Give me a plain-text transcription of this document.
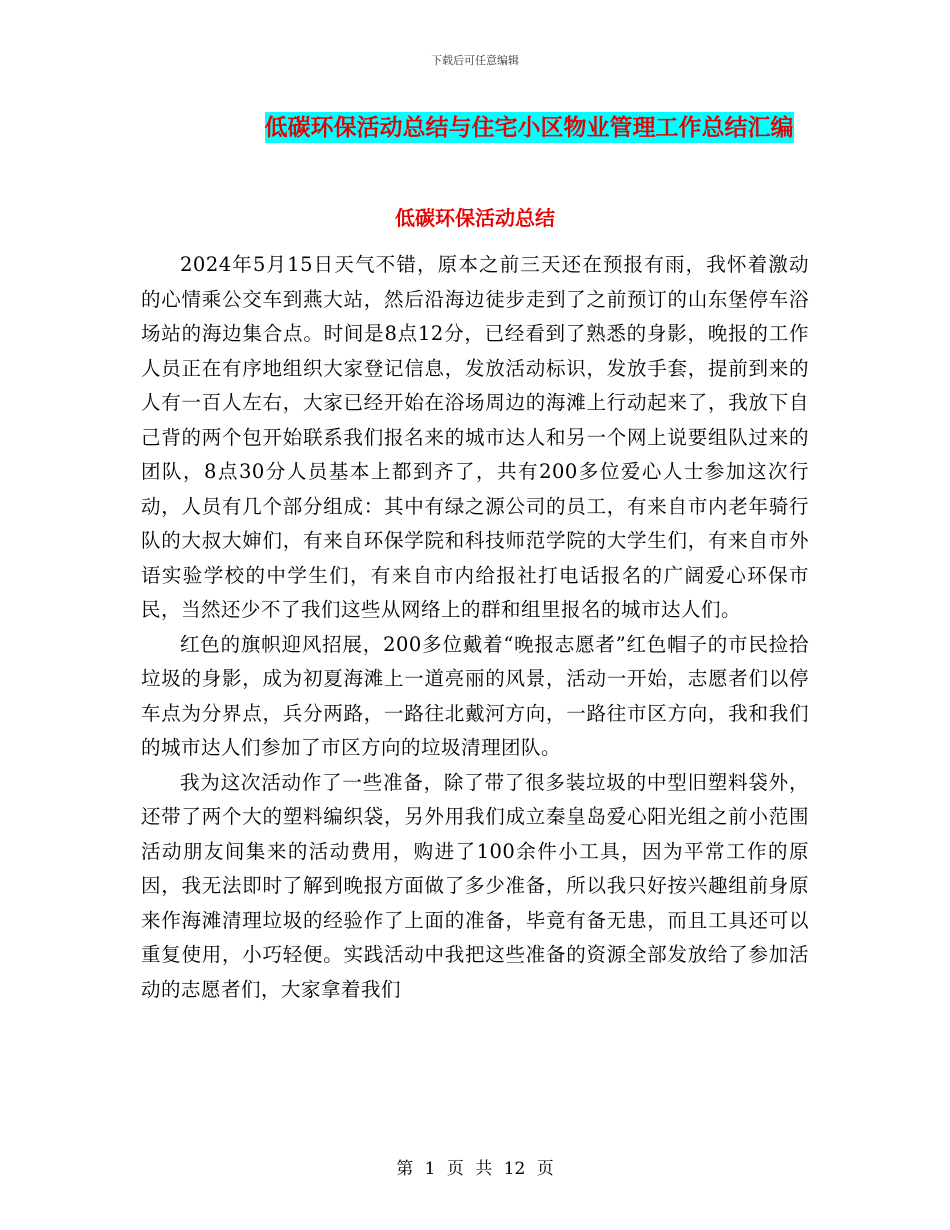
下载后可任意编辑
低碳环保活动总结与住宅小区物业管理工作总结汇编
低碳环保活动总结

2024年5月15日天气不错，原本之前三天还在预报有雨，我怀着激动的心情乘公交车到燕大站，然后沿海边徒步走到了之前预订的山东堡停车浴场站的海边集合点。时间是8点12分，已经看到了熟悉的身影，晚报的工作人员正在有序地组织大家登记信息，发放活动标识，发放手套，提前到来的人有一百人左右，大家已经开始在浴场周边的海滩上行动起来了，我放下自己背的两个包开始联系我们报名来的城市达人和另一个网上说要组队过来的团队，8点30分人员基本上都到齐了，共有200多位爱心人士参加这次行动，人员有几个部分组成：其中有绿之源公司的员工，有来自市内老年骑行队的大叔大婶们，有来自环保学院和科技师范学院的大学生们，有来自市外语实验学校的中学生们，有来自市内给报社打电话报名的广阔爱心环保市民，当然还少不了我们这些从网络上的群和组里报名的城市达人们。

红色的旗帜迎风招展，200多位戴着“晚报志愿者”红色帽子的市民捡拾垃圾的身影，成为初夏海滩上一道亮丽的风景，活动一开始，志愿者们以停车点为分界点，兵分两路，一路往北戴河方向，一路往市区方向，我和我们的城市达人们参加了市区方向的垃圾清理团队。

我为这次活动作了一些准备，除了带了很多装垃圾的中型旧塑料袋外，还带了两个大的塑料编织袋，另外用我们成立秦皇岛爱心阳光组之前小范围活动朋友间集来的活动费用，购进了100余件小工具，因为平常工作的原因，我无法即时了解到晚报方面做了多少准备，所以我只好按兴趣组前身原来作海滩清理垃圾的经验作了上面的准备，毕竟有备无患，而且工具还可以重复使用，小巧轻便。实践活动中我把这些准备的资源全部发放给了参加活动的志愿者们，大家拿着我们

第 1 页 共 12 页
